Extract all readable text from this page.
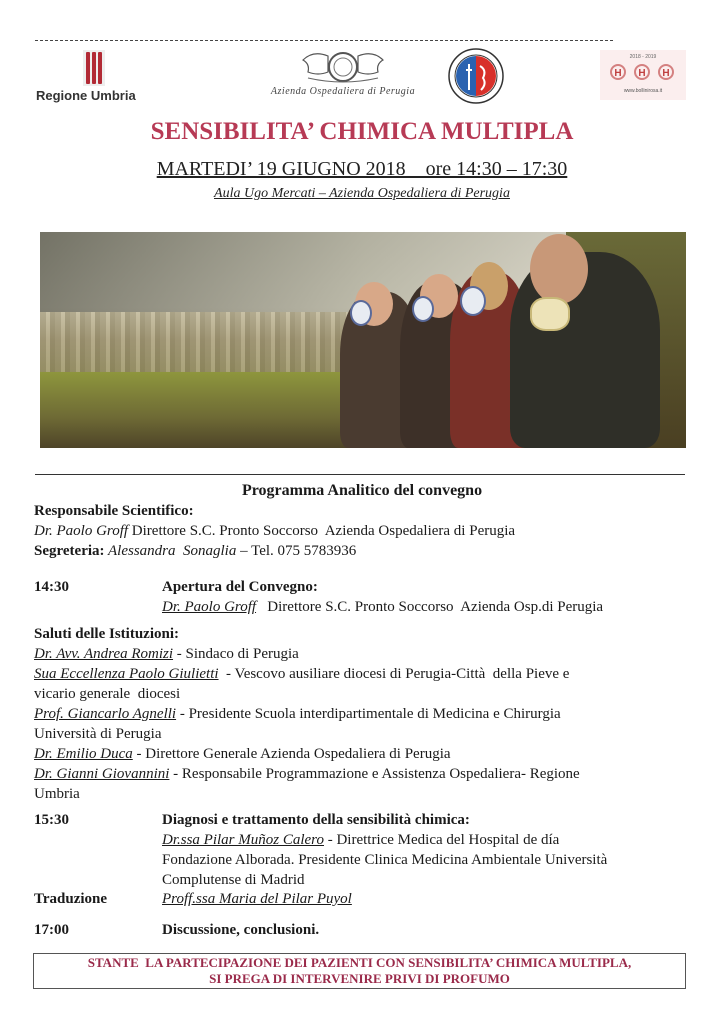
Regione Umbria	Azienda Ospedaliera di Perugia
2018 - 2019
H	H	H
www.bollinirosa.it
SENSIBILITA’ CHIMICA MULTIPLA
MARTEDI’ 19 GIUGNO 2018    ore 14:30 – 17:30
Aula Ugo Mercati – Azienda Ospedaliera di Perugia
Programma Analitico del convegno
Responsabile Scientifico:
Dr. Paolo Groff Direttore S.C. Pronto Soccorso  Azienda Ospedaliera di Perugia
Segreteria: Alessandra  Sonaglia – Tel. 075 5783936
14:30	Apertura del Convegno:
Dr. Paolo Groff   Direttore S.C. Pronto Soccorso  Azienda Osp.di Perugia
Saluti delle Istituzioni:
Dr. Avv. Andrea Romizi - Sindaco di Perugia
Sua Eccellenza Paolo Giulietti  - Vescovo ausiliare diocesi di Perugia-Città  della Pieve e
vicario generale  diocesi
Prof. Giancarlo Agnelli - Presidente Scuola interdipartimentale di Medicina e Chirurgia
Università di Perugia
Dr. Emilio Duca - Direttore Generale Azienda Ospedaliera di Perugia
Dr. Gianni Giovannini - Responsabile Programmazione e Assistenza Ospedaliera- Regione
Umbria
15:30	Diagnosi e trattamento della sensibilità chimica:
Dr.ssa Pilar Muñoz Calero - Direttrice Medica del Hospital de día
Fondazione Alborada. Presidente Clinica Medicina Ambientale Università
Complutense di Madrid
Traduzione	Proff.ssa Maria del Pilar Puyol
17:00	Discussione, conclusioni.
STANTE  LA PARTECIPAZIONE DEI PAZIENTI CON SENSIBILITA’ CHIMICA MULTIPLA,
SI PREGA DI INTERVENIRE PRIVI DI PROFUMO
